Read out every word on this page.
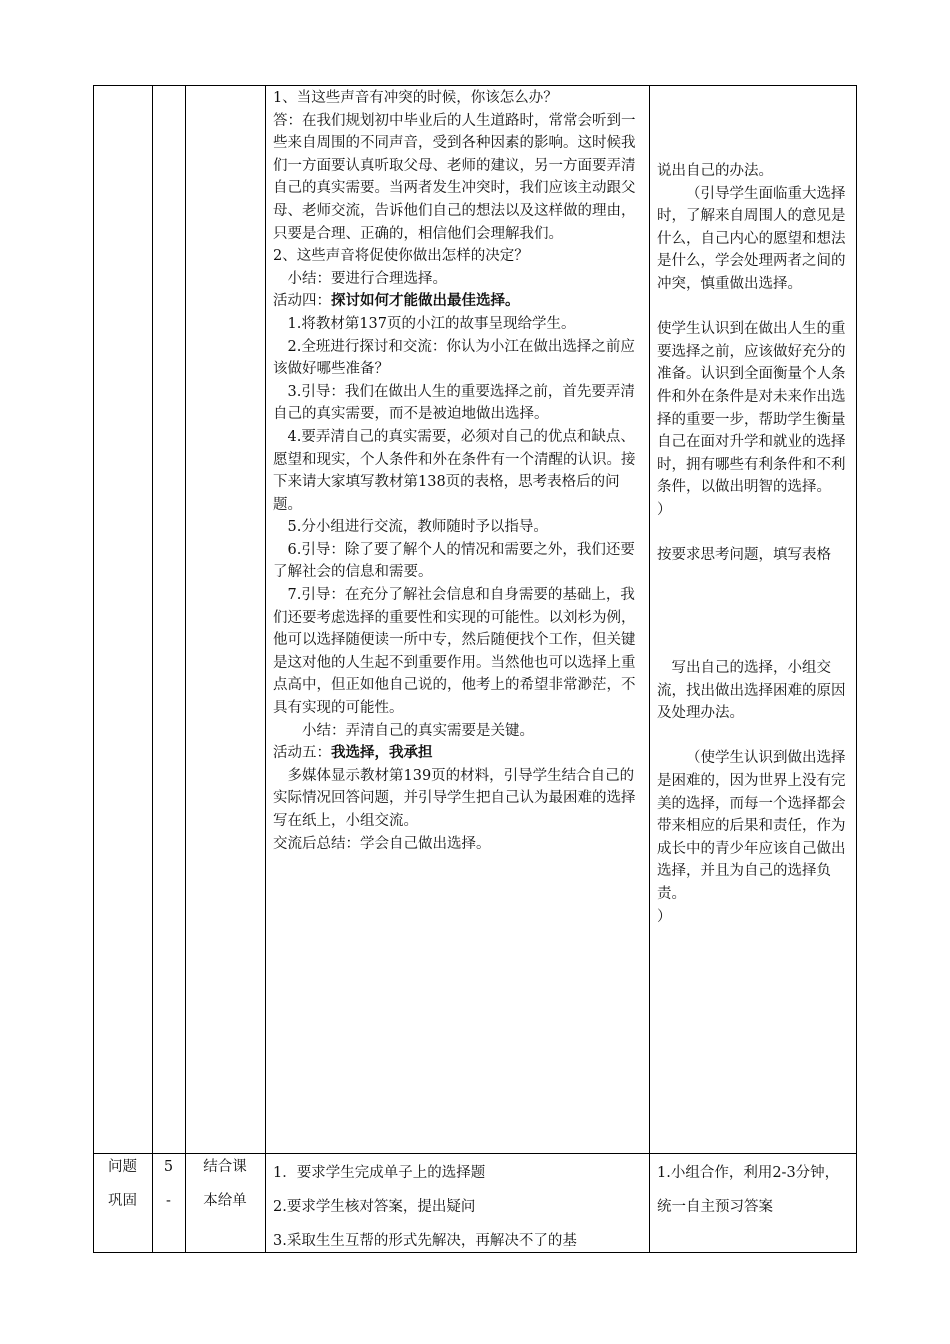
1、当这些声音有冲突的时候，你该怎么办？

答：在我们规划初中毕业后的人生道路时，常常会听到一些来自周围的不同声音，受到各种因素的影响。这时候我们一方面要认真听取父母、老师的建议，另一方面要弄清自己的真实需要。当两者发生冲突时，我们应该主动跟父母、老师交流，告诉他们自己的想法以及这样做的理由，只要是合理、正确的，相信他们会理解我们。

2、这些声音将促使你做出怎样的决定？

小结：要进行合理选择。

活动四：探讨如何才能做出最佳选择。

1.将教材第137页的小江的故事呈现给学生。

2.全班进行探讨和交流：你认为小江在做出选择之前应该做好哪些准备？

3.引导：我们在做出人生的重要选择之前，首先要弄清自己的真实需要，而不是被迫地做出选择。

4.要弄清自己的真实需要，必须对自己的优点和缺点、愿望和现实，个人条件和外在条件有一个清醒的认识。接下来请大家填写教材第138页的表格，思考表格后的问题。

5.分小组进行交流，教师随时予以指导。

6.引导：除了要了解个人的情况和需要之外，我们还要了解社会的信息和需要。

7.引导：在充分了解社会信息和自身需要的基础上，我们还要考虑选择的重要性和实现的可能性。以刘杉为例，他可以选择随便读一所中专，然后随便找个工作，但关键是这对他的人生起不到重要作用。当然他也可以选择上重点高中，但正如他自己说的，他考上的希望非常渺茫，不具有实现的可能性。

小结：弄清自己的真实需要是关键。

活动五：我选择，我承担

多媒体显示教材第139页的材料，引导学生结合自己的实际情况回答问题，并引导学生把自己认为最困难的选择写在纸上，小组交流。

交流后总结：学会自己做出选择。

说出自己的办法。

（引导学生面临重大选择时，了解来自周围人的意见是什么，自己内心的愿望和想法是什么，学会处理两者之间的冲突，慎重做出选择。

使学生认识到在做出人生的重要选择之前，应该做好充分的准备。认识到全面衡量个人条件和外在条件是对未来作出选择的重要一步，帮助学生衡量自己在面对升学和就业的选择时，拥有哪些有利条件和不利条件，以做出明智的选择。

）

按要求思考问题，填写表格

写出自己的选择，小组交流，找出做出选择困难的原因及处理办法。

（使学生认识到做出选择是困难的，因为世界上没有完美的选择，而每一个选择都会带来相应的后果和责任，作为成长中的青少年应该自己做出选择，并且为自己的选择负责。

）

问题
巩固
5
-
结合课
本给单

1．要求学生完成单子上的选择题

2.要求学生核对答案，提出疑问

3.采取生生互帮的形式先解决，再解决不了的基

1.小组合作，利用2-3分钟，统一自主预习答案
